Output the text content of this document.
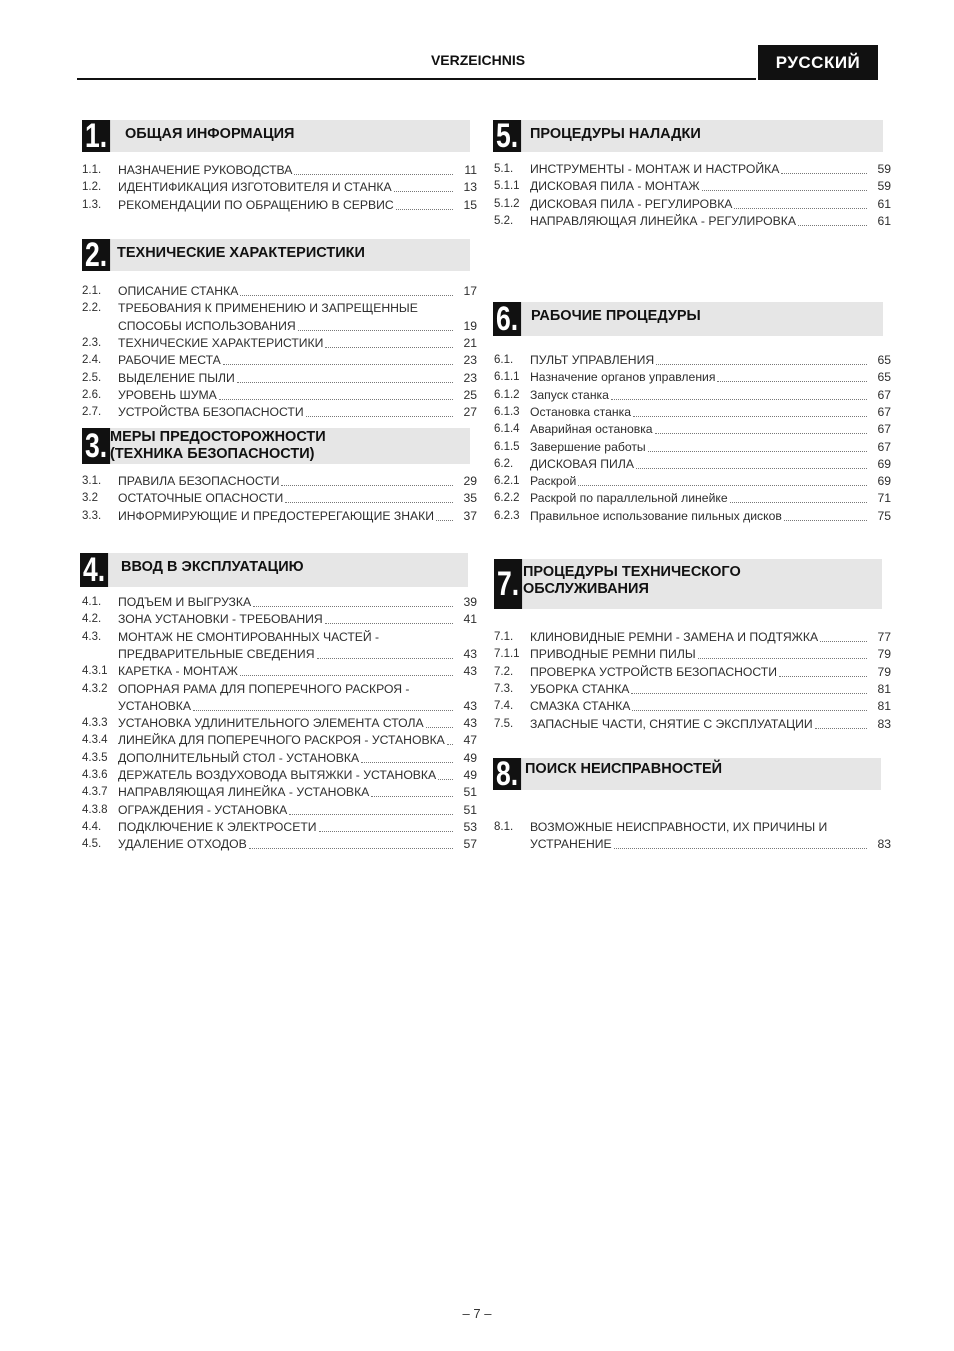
VERZEICHNIS	РУССКИЙ
1. ОБЩАЯ ИНФОРМАЦИЯ
1.1.	НАЗНАЧЕНИЕ РУКОВОДСТВА	11
1.2.	ИДЕНТИФИКАЦИЯ ИЗГОТОВИТЕЛЯ И СТАНКА	13
1.3.	РЕКОМЕНДАЦИИ ПО ОБРАЩЕНИЮ В СЕРВИС	15
2. ТЕХНИЧЕСКИЕ ХАРАКТЕРИСТИКИ
2.1.	ОПИСАНИЕ СТАНКА	17
2.2.	ТРЕБОВАНИЯ К ПРИМЕНЕНИЮ И ЗАПРЕЩЕННЫЕ
СПОСОБЫ ИСПОЛЬЗОВАНИЯ	19
2.3.	ТЕХНИЧЕСКИЕ ХАРАКТЕРИСТИКИ	21
2.4.	РАБОЧИЕ МЕСТА	23
2.5.	ВЫДЕЛЕНИЕ ПЫЛИ	23
2.6.	УРОВЕНЬ ШУМА	25
2.7.	УСТРОЙСТВА БЕЗОПАСНОСТИ	27
3. МЕРЫ ПРЕДОСТОРОЖНОСТИ
(ТЕХНИКА БЕЗОПАСНОСТИ)
3.1.	ПРАВИЛА БЕЗОПАСНОСТИ	29
3.2	ОСТАТОЧНЫЕ ОПАСНОСТИ	35
3.3.	ИНФОРМИРУЮЩИЕ И ПРЕДОСТЕРЕГАЮЩИЕ ЗНАКИ	37
4. ВВОД В ЭКСПЛУАТАЦИЮ
4.1.	ПОДЪЕМ И ВЫГРУЗКА	39
4.2.	ЗОНА УСТАНОВКИ - ТРЕБОВАНИЯ	41
4.3.	МОНТАЖ НЕ СМОНТИРОВАННЫХ ЧАСТЕЙ -
ПРЕДВАРИТЕЛЬНЫЕ СВЕДЕНИЯ	43
4.3.1 КАРЕТКА - МОНТАЖ	43
4.3.2 ОПОРНАЯ РАМА ДЛЯ ПОПЕРЕЧНОГО РАСКРОЯ -
УСТАНОВКА	43
4.3.3 УСТАНОВКА УДЛИНИТЕЛЬНОГО ЭЛЕМЕНТА СТОЛА	43
4.3.4 ЛИНЕЙКА ДЛЯ ПОПЕРЕЧНОГО РАСКРОЯ - УСТАНОВКА	47
4.3.5 ДОПОЛНИТЕЛЬНЫЙ СТОЛ - УСТАНОВКА	49
4.3.6 ДЕРЖАТЕЛЬ ВОЗДУХОВОДА ВЫТЯЖКИ - УСТАНОВКА	49
4.3.7 НАПРАВЛЯЮЩАЯ ЛИНЕЙКА - УСТАНОВКА	51
4.3.8 ОГРАЖДЕНИЯ - УСТАНОВКА	51
4.4.	ПОДКЛЮЧЕНИЕ К ЭЛЕКТРОСЕТИ	53
4.5.	УДАЛЕНИЕ ОТХОДОВ	57
5. ПРОЦЕДУРЫ НАЛАДКИ
5.1.	ИНСТРУМЕНТЫ - МОНТАЖ И НАСТРОЙКА	59
5.1.1 ДИСКОВАЯ ПИЛА - МОНТАЖ	59
5.1.2 ДИСКОВАЯ ПИЛА - РЕГУЛИРОВКА	61
5.2.	НАПРАВЛЯЮЩАЯ ЛИНЕЙКА - РЕГУЛИРОВКА	61
6. РАБОЧИЕ ПРОЦЕДУРЫ
6.1.	ПУЛЬТ УПРАВЛЕНИЯ	65
6.1.1 Назначение органов управления	65
6.1.2 Запуск станка	67
6.1.3 Остановка станка	67
6.1.4 Аварийная остановка	67
6.1.5 Завершение работы	67
6.2.	ДИСКОВАЯ ПИЛА	69
6.2.1 Раскрой	69
6.2.2 Раскрой по параллельной линейке	71
6.2.3 Правильное использование пильных дисков	75
7. ПРОЦЕДУРЫ ТЕХНИЧЕСКОГО
ОБСЛУЖИВАНИЯ
7.1.	КЛИНОВИДНЫЕ РЕМНИ - ЗАМЕНА И ПОДТЯЖКА	77
7.1.1 ПРИВОДНЫЕ РЕМНИ ПИЛЫ	79
7.2.	ПРОВЕРКА УСТРОЙСТВ БЕЗОПАСНОСТИ	79
7.3.	УБОРКА СТАНКА	81
7.4.	СМАЗКА СТАНКА	81
7.5.	ЗАПАСНЫЕ ЧАСТИ, СНЯТИЕ С ЭКСПЛУАТАЦИИ	83
8. ПОИСК НЕИСПРАВНОСТЕЙ
8.1.	ВОЗМОЖНЫЕ НЕИСПРАВНОСТИ, ИХ ПРИЧИНЫ И
УСТРАНЕНИЕ	83
– 7 –
